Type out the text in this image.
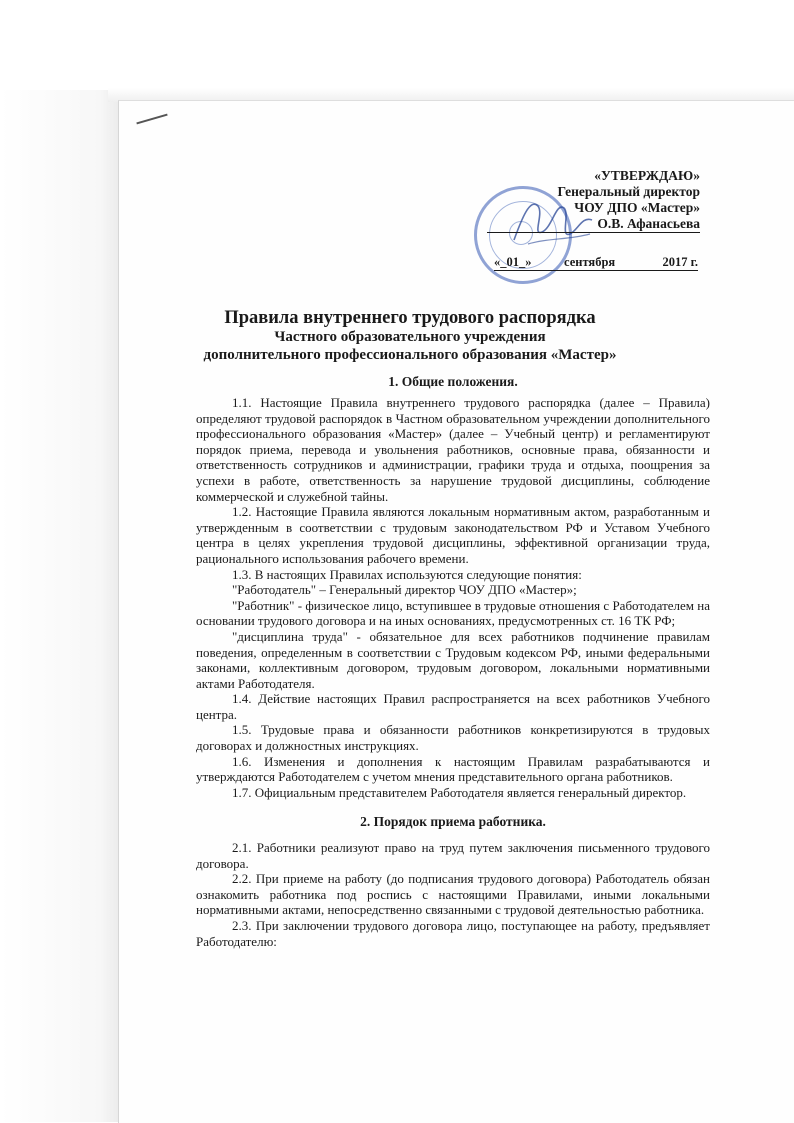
«УТВЕРЖДАЮ»
Генеральный директор
ЧОУ ДПО «Мастер»
О.В. Афанасьева
«_01_»	сентября	2017 г.
Правила внутреннего трудового распорядка
Частного образовательного учреждения
дополнительного профессионального образования «Мастер»
1. Общие положения.

1.1. Настоящие Правила внутреннего трудового распорядка (далее – Правила) определяют трудовой распорядок в Частном образовательном учреждении дополнительного профессионального образования «Мастер» (далее – Учебный центр) и регламентируют порядок приема, перевода и увольнения работников, основные права, обязанности и ответственность сотрудников и администрации, графики труда и отдыха, поощрения за успехи в работе, ответственность за нарушение трудовой дисциплины, соблюдение коммерческой и служебной тайны.

1.2. Настоящие Правила являются локальным нормативным актом, разработанным и утвержденным в соответствии с трудовым законодательством РФ и Уставом Учебного центра в целях укрепления трудовой дисциплины, эффективной организации труда, рационального использования рабочего времени.

1.3. В настоящих Правилах используются следующие понятия:

"Работодатель" – Генеральный директор ЧОУ ДПО «Мастер»;

"Работник" - физическое лицо, вступившее в трудовые отношения с Работодателем на основании трудового договора и на иных основаниях, предусмотренных ст. 16 ТК РФ;

"дисциплина труда" - обязательное для всех работников подчинение правилам поведения, определенным в соответствии с Трудовым кодексом РФ, иными федеральными законами, коллективным договором, трудовым договором, локальными нормативными актами Работодателя.

1.4. Действие настоящих Правил распространяется на всех работников Учебного центра.

1.5. Трудовые права и обязанности работников конкретизируются в трудовых договорах и должностных инструкциях.

1.6. Изменения и дополнения к настоящим Правилам разрабатываются и утверждаются Работодателем с учетом мнения представительного органа работников.

1.7. Официальным представителем Работодателя является генеральный директор.

2. Порядок приема работника.

2.1. Работники реализуют право на труд путем заключения письменного трудового договора.

2.2. При приеме на работу (до подписания трудового договора) Работодатель обязан ознакомить работника под роспись с настоящими Правилами, иными локальными нормативными актами, непосредственно связанными с трудовой деятельностью работника.

2.3. При заключении трудового договора лицо, поступающее на работу, предъявляет Работодателю:
